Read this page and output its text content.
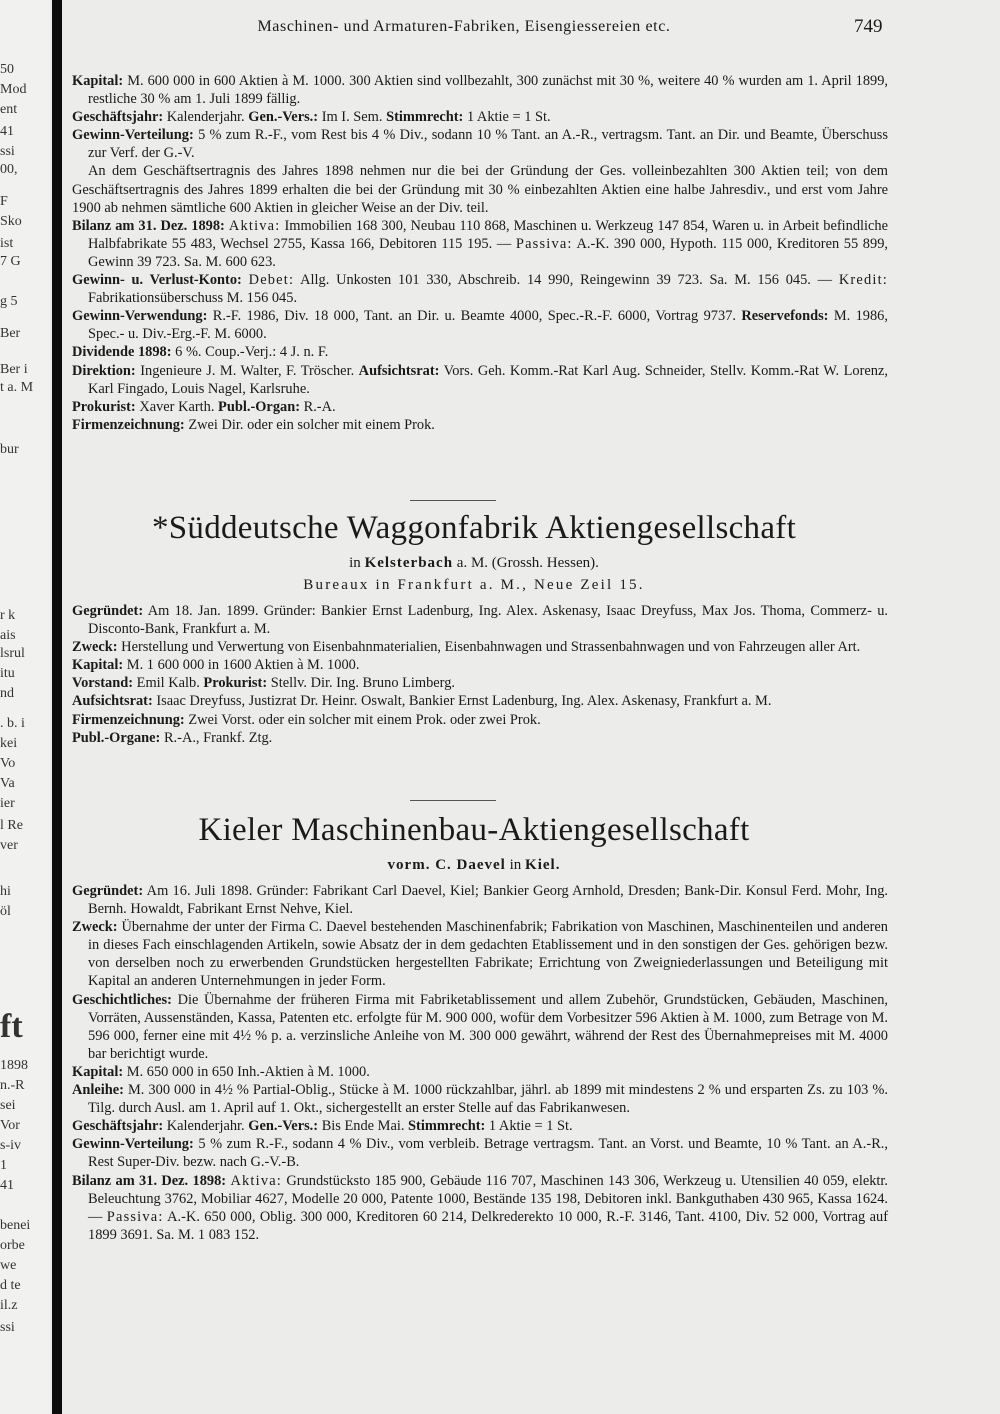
50
Mod
ent
41
ssi
00,
F
Sko
ist
7 G
g 5
Ber
Ber i
t a. M
bur
r k
ais
lsrul
itu
nd
. b. i
kei
Vo
Va
ier
l Re
ver
hi
öl
ft
1898
n.-R
sei
Vor
s-iv
1
41
benei
orbe
we
d te
il.z
ssi
Maschinen- und Armaturen-Fabriken, Eisengiessereien etc.	749

Kapital: M. 600 000 in 600 Aktien à M. 1000. 300 Aktien sind vollbezahlt, 300 zunächst mit 30 %, weitere 40 % wurden am 1. April 1899, restliche 30 % am 1. Juli 1899 fällig.

Geschäftsjahr: Kalenderjahr. Gen.-Vers.: Im I. Sem. Stimmrecht: 1 Aktie = 1 St.

Gewinn-Verteilung: 5 % zum R.-F., vom Rest bis 4 % Div., sodann 10 % Tant. an A.-R., vertragsm. Tant. an Dir. und Beamte, Überschuss zur Verf. der G.-V.

An dem Geschäftsertragnis des Jahres 1898 nehmen nur die bei der Gründung der Ges. volleinbezahlten 300 Aktien teil; von dem Geschäftsertragnis des Jahres 1899 erhalten die bei der Gründung mit 30 % einbezahlten Aktien eine halbe Jahresdiv., und erst vom Jahre 1900 ab nehmen sämtliche 600 Aktien in gleicher Weise an der Div. teil.

Bilanz am 31. Dez. 1898: Aktiva: Immobilien 168 300, Neubau 110 868, Maschinen u. Werkzeug 147 854, Waren u. in Arbeit befindliche Halbfabrikate 55 483, Wechsel 2755, Kassa 166, Debitoren 115 195. — Passiva: A.-K. 390 000, Hypoth. 115 000, Kreditoren 55 899, Gewinn 39 723. Sa. M. 600 623.

Gewinn- u. Verlust-Konto: Debet: Allg. Unkosten 101 330, Abschreib. 14 990, Reingewinn 39 723. Sa. M. 156 045. — Kredit: Fabrikationsüberschuss M. 156 045.

Gewinn-Verwendung: R.-F. 1986, Div. 18 000, Tant. an Dir. u. Beamte 4000, Spec.-R.-F. 6000, Vortrag 9737. Reservefonds: M. 1986, Spec.- u. Div.-Erg.-F. M. 6000.

Dividende 1898: 6 %. Coup.-Verj.: 4 J. n. F.

Direktion: Ingenieure J. M. Walter, F. Tröscher. Aufsichtsrat: Vors. Geh. Komm.-Rat Karl Aug. Schneider, Stellv. Komm.-Rat W. Lorenz, Karl Fingado, Louis Nagel, Karlsruhe.

Prokurist: Xaver Karth. Publ.-Organ: R.-A.

Firmenzeichnung: Zwei Dir. oder ein solcher mit einem Prok.

*Süddeutsche Waggonfabrik Aktiengesellschaft
in Kelsterbach a. M. (Grossh. Hessen).
Bureaux in Frankfurt a. M., Neue Zeil 15.

Gegründet: Am 18. Jan. 1899. Gründer: Bankier Ernst Ladenburg, Ing. Alex. Askenasy, Isaac Dreyfuss, Max Jos. Thoma, Commerz- u. Disconto-Bank, Frankfurt a. M.

Zweck: Herstellung und Verwertung von Eisenbahnmaterialien, Eisenbahnwagen und Strassenbahnwagen und von Fahrzeugen aller Art.

Kapital: M. 1 600 000 in 1600 Aktien à M. 1000.

Vorstand: Emil Kalb. Prokurist: Stellv. Dir. Ing. Bruno Limberg.

Aufsichtsrat: Isaac Dreyfuss, Justizrat Dr. Heinr. Oswalt, Bankier Ernst Ladenburg, Ing. Alex. Askenasy, Frankfurt a. M.

Firmenzeichnung: Zwei Vorst. oder ein solcher mit einem Prok. oder zwei Prok.

Publ.-Organe: R.-A., Frankf. Ztg.

Kieler Maschinenbau-Aktiengesellschaft
vorm. C. Daevel in Kiel.

Gegründet: Am 16. Juli 1898. Gründer: Fabrikant Carl Daevel, Kiel; Bankier Georg Arnhold, Dresden; Bank-Dir. Konsul Ferd. Mohr, Ing. Bernh. Howaldt, Fabrikant Ernst Nehve, Kiel.

Zweck: Übernahme der unter der Firma C. Daevel bestehenden Maschinenfabrik; Fabrikation von Maschinen, Maschinenteilen und anderen in dieses Fach einschlagenden Artikeln, sowie Absatz der in dem gedachten Etablissement und in den sonstigen der Ges. gehörigen bezw. von derselben noch zu erwerbenden Grundstücken hergestellten Fabrikate; Errichtung von Zweigniederlassungen und Beteiligung mit Kapital an anderen Unternehmungen in jeder Form.

Geschichtliches: Die Übernahme der früheren Firma mit Fabriketablissement und allem Zubehör, Grundstücken, Gebäuden, Maschinen, Vorräten, Aussenständen, Kassa, Patenten etc. erfolgte für M. 900 000, wofür dem Vorbesitzer 596 Aktien à M. 1000, zum Betrage von M. 596 000, ferner eine mit 4½ % p. a. verzinsliche Anleihe von M. 300 000 gewährt, während der Rest des Übernahmepreises mit M. 4000 bar berichtigt wurde.

Kapital: M. 650 000 in 650 Inh.-Aktien à M. 1000.

Anleihe: M. 300 000 in 4½ % Partial-Oblig., Stücke à M. 1000 rückzahlbar, jährl. ab 1899 mit mindestens 2 % und ersparten Zs. zu 103 %. Tilg. durch Ausl. am 1. April auf 1. Okt., sichergestellt an erster Stelle auf das Fabrikanwesen.

Geschäftsjahr: Kalenderjahr. Gen.-Vers.: Bis Ende Mai. Stimmrecht: 1 Aktie = 1 St.

Gewinn-Verteilung: 5 % zum R.-F., sodann 4 % Div., vom verbleib. Betrage vertragsm. Tant. an Vorst. und Beamte, 10 % Tant. an A.-R., Rest Super-Div. bezw. nach G.-V.-B.

Bilanz am 31. Dez. 1898: Aktiva: Grundstücksto 185 900, Gebäude 116 707, Maschinen 143 306, Werkzeug u. Utensilien 40 059, elektr. Beleuchtung 3762, Mobiliar 4627, Modelle 20 000, Patente 1000, Bestände 135 198, Debitoren inkl. Bankguthaben 430 965, Kassa 1624. — Passiva: A.-K. 650 000, Oblig. 300 000, Kreditoren 60 214, Delkrederekto 10 000, R.-F. 3146, Tant. 4100, Div. 52 000, Vortrag auf 1899 3691. Sa. M. 1 083 152.
